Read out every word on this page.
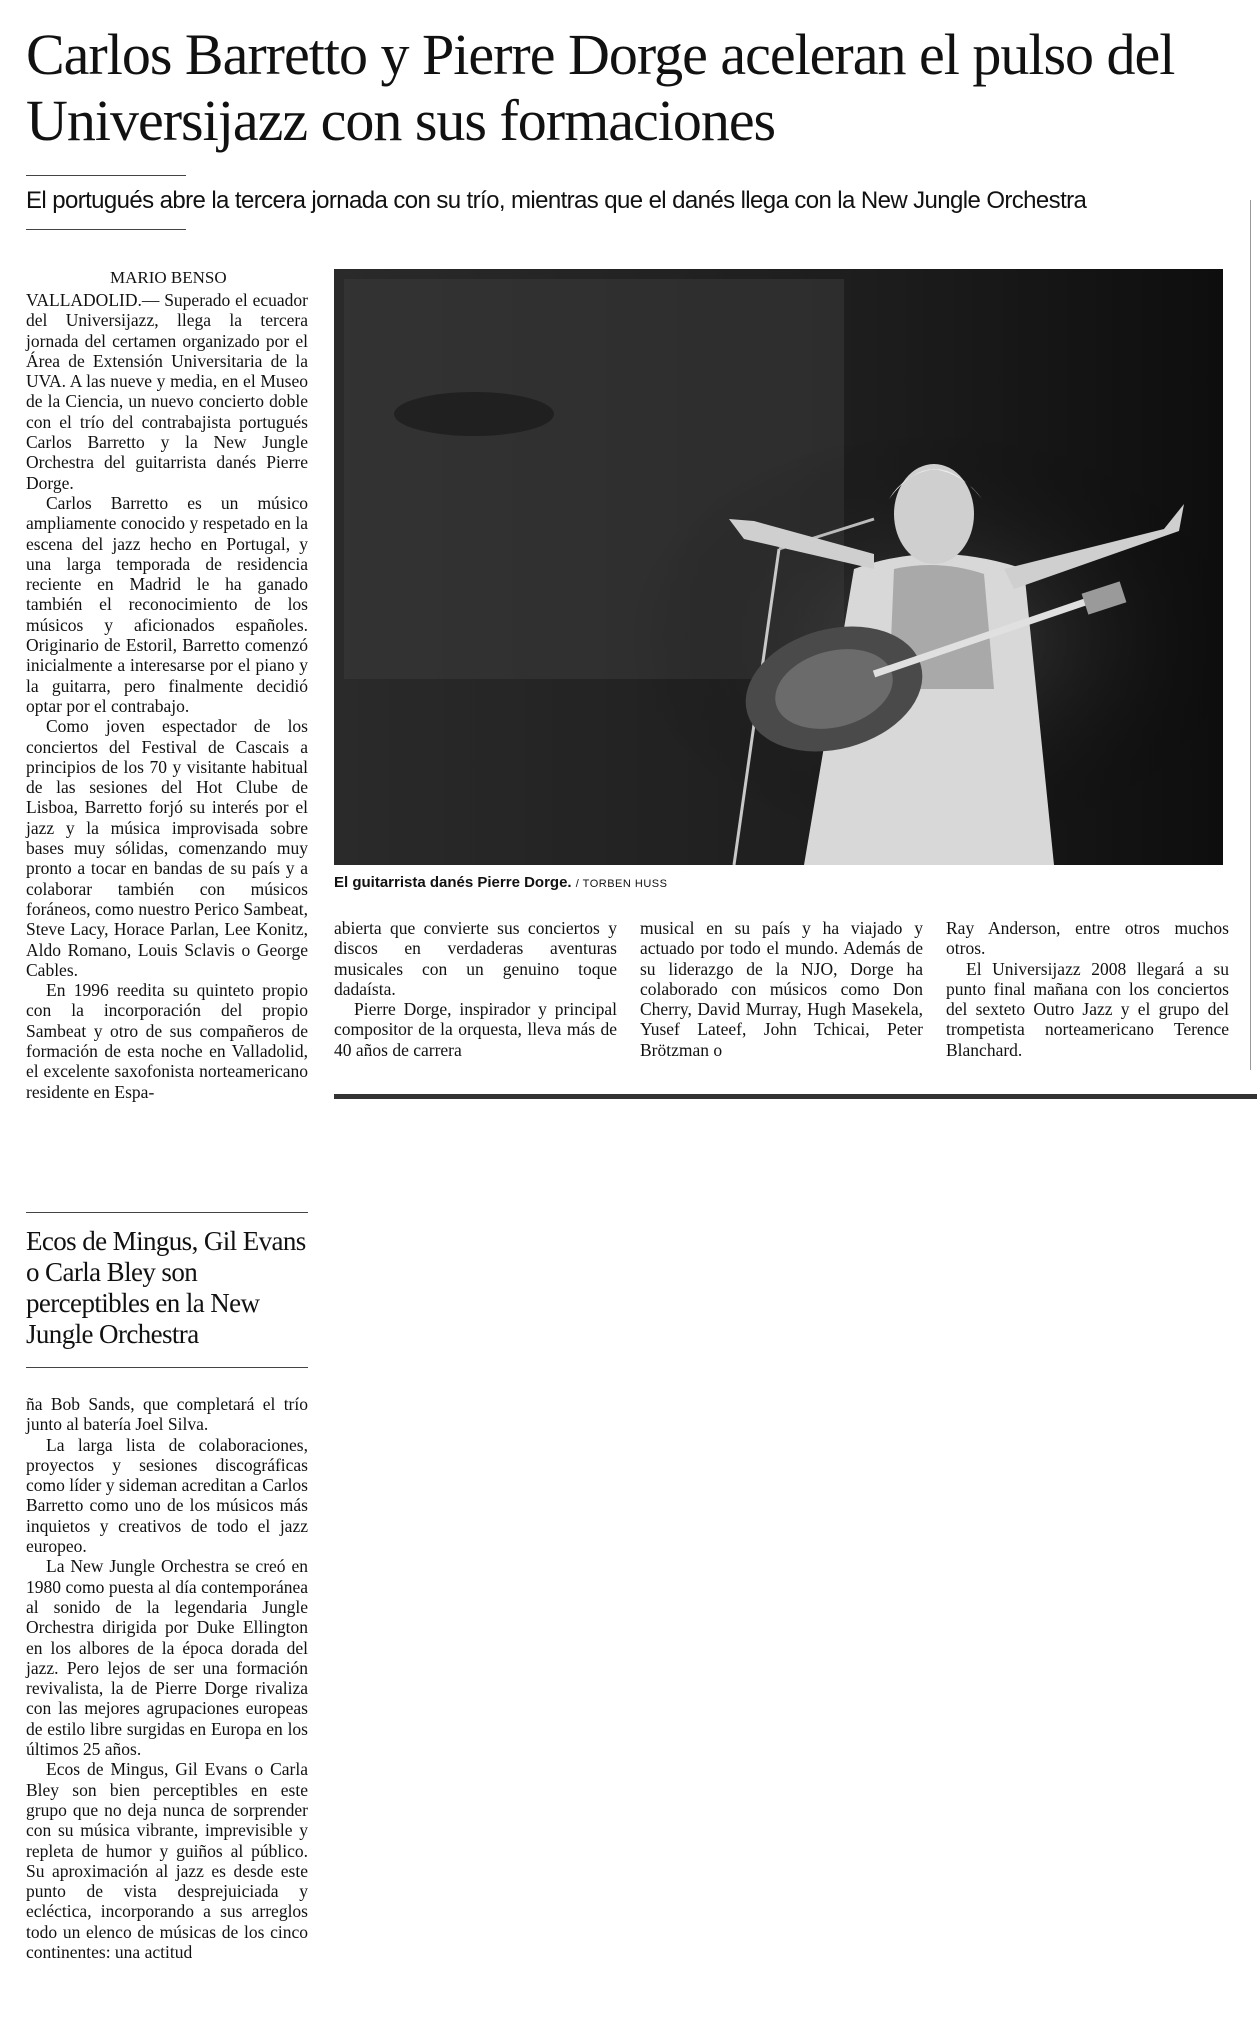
Carlos Barretto y Pierre Dorge aceleran el pulso del Universijazz con sus formaciones
El portugués abre la tercera jornada con su trío, mientras que el danés llega con la New Jungle Orchestra
MARIO BENSO

VALLADOLID.— Superado el ecuador del Universijazz, llega la tercera jornada del certamen organizado por el Área de Extensión Universitaria de la UVA. A las nueve y media, en el Museo de la Ciencia, un nuevo concierto doble con el trío del contrabajista portugués Carlos Barretto y la New Jungle Orchestra del guitarrista danés Pierre Dorge.

Carlos Barretto es un músico ampliamente conocido y respetado en la escena del jazz hecho en Portugal, y una larga temporada de residencia reciente en Madrid le ha ganado también el reconocimiento de los músicos y aficionados españoles. Originario de Estoril, Barretto comenzó inicialmente a interesarse por el piano y la guitarra, pero finalmente decidió optar por el contrabajo.

Como joven espectador de los conciertos del Festival de Cascais a principios de los 70 y visitante habitual de las sesiones del Hot Clube de Lisboa, Barretto forjó su interés por el jazz y la música improvisada sobre bases muy sólidas, comenzando muy pronto a tocar en bandas de su país y a colaborar también con músicos foráneos, como nuestro Perico Sambeat, Steve Lacy, Horace Parlan, Lee Konitz, Aldo Romano, Louis Sclavis o George Cables.

En 1996 reedita su quinteto propio con la incorporación del propio Sambeat y otro de sus compañeros de formación de esta noche en Valladolid, el excelente saxofonista norteamericano residente en Espa-

Ecos de Mingus, Gil Evans o Carla Bley son perceptibles en la New Jungle Orchestra

ña Bob Sands, que completará el trío junto al batería Joel Silva.

La larga lista de colaboraciones, proyectos y sesiones discográficas como líder y sideman acreditan a Carlos Barretto como uno de los músicos más inquietos y creativos de todo el jazz europeo.

La New Jungle Orchestra se creó en 1980 como puesta al día contemporánea al sonido de la legendaria Jungle Orchestra dirigida por Duke Ellington en los albores de la época dorada del jazz. Pero lejos de ser una formación revivalista, la de Pierre Dorge rivaliza con las mejores agrupaciones europeas de estilo libre surgidas en Europa en los últimos 25 años.

Ecos de Mingus, Gil Evans o Carla Bley son bien perceptibles en este grupo que no deja nunca de sorprender con su música vibrante, imprevisible y repleta de humor y guiños al público. Su aproximación al jazz es desde este punto de vista desprejuiciada y ecléctica, incorporando a sus arreglos todo un elenco de músicas de los cinco continentes: una actitud

El guitarrista danés Pierre Dorge. / TORBEN HUSS

abierta que convierte sus conciertos y discos en verdaderas aventuras musicales con un genuino toque dadaísta.

Pierre Dorge, inspirador y principal compositor de la orquesta, lleva más de 40 años de carrera

musical en su país y ha viajado y actuado por todo el mundo. Además de su liderazgo de la NJO, Dorge ha colaborado con músicos como Don Cherry, David Murray, Hugh Masekela, Yusef Lateef, John Tchicai, Peter Brötzman o

Ray Anderson, entre otros muchos otros.

El Universijazz 2008 llegará a su punto final mañana con los conciertos del sexteto Outro Jazz y el grupo del trompetista norteamericano Terence Blanchard.
